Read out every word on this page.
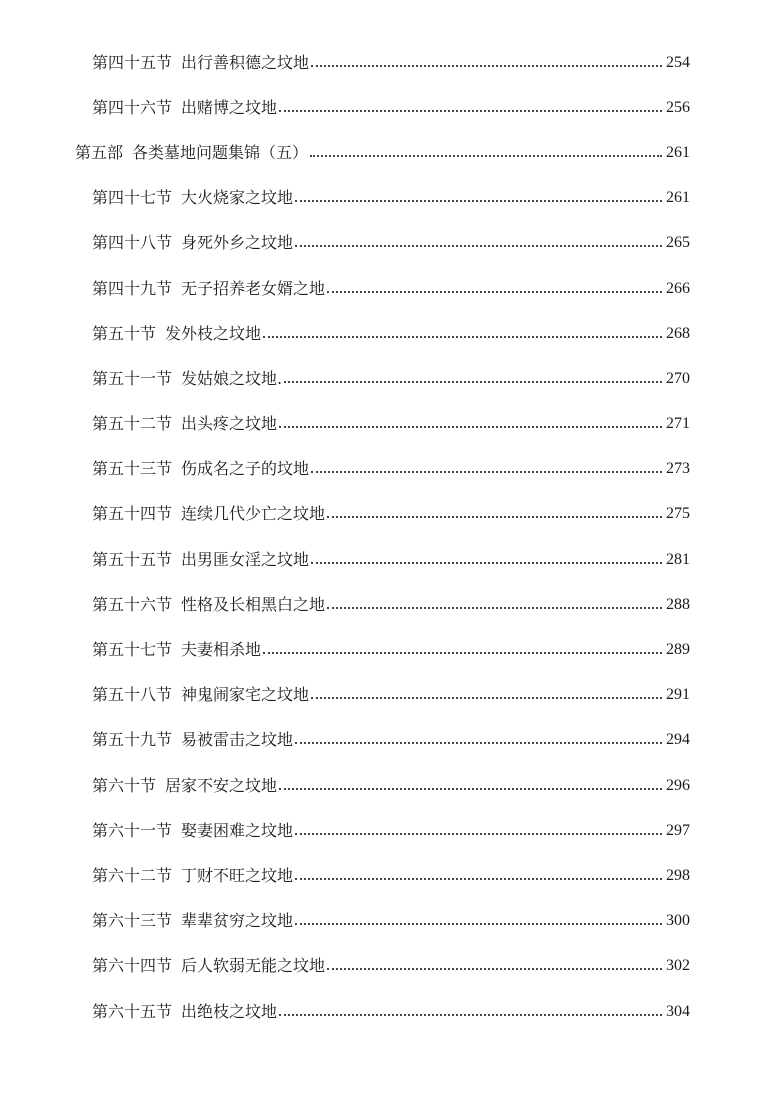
第四十五节 出行善积德之坟地	254
第四十六节 出赌博之坟地	256
第五部 各类墓地问题集锦（五）	261
第四十七节 大火烧家之坟地	261
第四十八节 身死外乡之坟地	265
第四十九节 无子招养老女婿之地	266
第五十节 发外枝之坟地	268
第五十一节 发姑娘之坟地.	270
第五十二节 出头疼之坟地	271
第五十三节 伤成名之子的坟地	273
第五十四节 连续几代少亡之坟地	275
第五十五节 出男匪女淫之坟地	281
第五十六节 性格及长相黑白之地	288
第五十七节 夫妻相杀地	289
第五十八节 神鬼闹家宅之坟地	291
第五十九节 易被雷击之坟地	294
第六十节 居家不安之坟地	296
第六十一节 娶妻困难之坟地	297
第六十二节 丁财不旺之坟地	298
第六十三节 辈辈贫穷之坟地	300
第六十四节 后人软弱无能之坟地	302
第六十五节 出绝枝之坟地	304
